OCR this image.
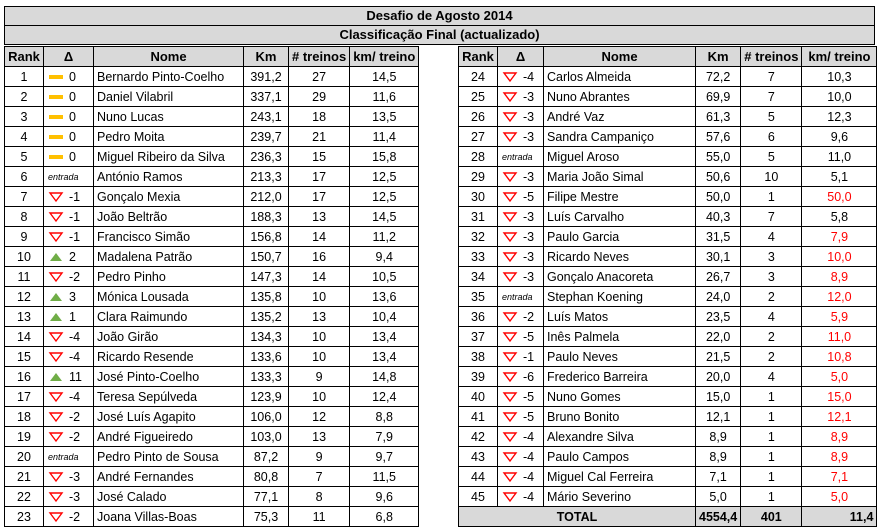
Desafio de Agosto 2014
Classificação Final (actualizado)
Rank	Δ	Nome	Km	# treinos	km/ treino
1	0	Bernardo Pinto-Coelho	391,2	27	14,5
2	0	Daniel Vilabril	337,1	29	11,6
3	0	Nuno Lucas	243,1	18	13,5
4	0	Pedro Moita	239,7	21	11,4
5	0	Miguel Ribeiro da Silva	236,3	15	15,8
6	entrada	António Ramos	213,3	17	12,5
7	-1	Gonçalo Mexia	212,0	17	12,5
8	-1	João Beltrão	188,3	13	14,5
9	-1	Francisco Simão	156,8	14	11,2
10	2	Madalena Patrão	150,7	16	9,4
11	-2	Pedro Pinho	147,3	14	10,5
12	3	Mónica Lousada	135,8	10	13,6
13	1	Clara Raimundo	135,2	13	10,4
14	-4	João Girão	134,3	10	13,4
15	-4	Ricardo Resende	133,6	10	13,4
16	11	José Pinto-Coelho	133,3	9	14,8
17	-4	Teresa Sepúlveda	123,9	10	12,4
18	-2	José Luís Agapito	106,0	12	8,8
19	-2	André Figueiredo	103,0	13	7,9
20	entrada	Pedro Pinto de Sousa	87,2	9	9,7
21	-3	André Fernandes	80,8	7	11,5
22	-3	José Calado	77,1	8	9,6
23	-2	Joana Villas-Boas	75,3	11	6,8
Rank	Δ	Nome	Km	# treinos	km/ treino
24	-4	Carlos Almeida	72,2	7	10,3
25	-3	Nuno Abrantes	69,9	7	10,0
26	-3	André Vaz	61,3	5	12,3
27	-3	Sandra Campaniço	57,6	6	9,6
28	entrada	Miguel Aroso	55,0	5	11,0
29	-3	Maria João Simal	50,6	10	5,1
30	-5	Filipe Mestre	50,0	1	50,0
31	-3	Luís Carvalho	40,3	7	5,8
32	-3	Paulo Garcia	31,5	4	7,9
33	-3	Ricardo Neves	30,1	3	10,0
34	-3	Gonçalo Anacoreta	26,7	3	8,9
35	entrada	Stephan Koening	24,0	2	12,0
36	-2	Luís Matos	23,5	4	5,9
37	-5	Inês Palmela	22,0	2	11,0
38	-1	Paulo Neves	21,5	2	10,8
39	-6	Frederico Barreira	20,0	4	5,0
40	-5	Nuno Gomes	15,0	1	15,0
41	-5	Bruno Bonito	12,1	1	12,1
42	-4	Alexandre Silva	8,9	1	8,9
43	-4	Paulo Campos	8,9	1	8,9
44	-4	Miguel Cal Ferreira	7,1	1	7,1
45	-4	Mário Severino	5,0	1	5,0
TOTAL			4554,4	401	11,4
